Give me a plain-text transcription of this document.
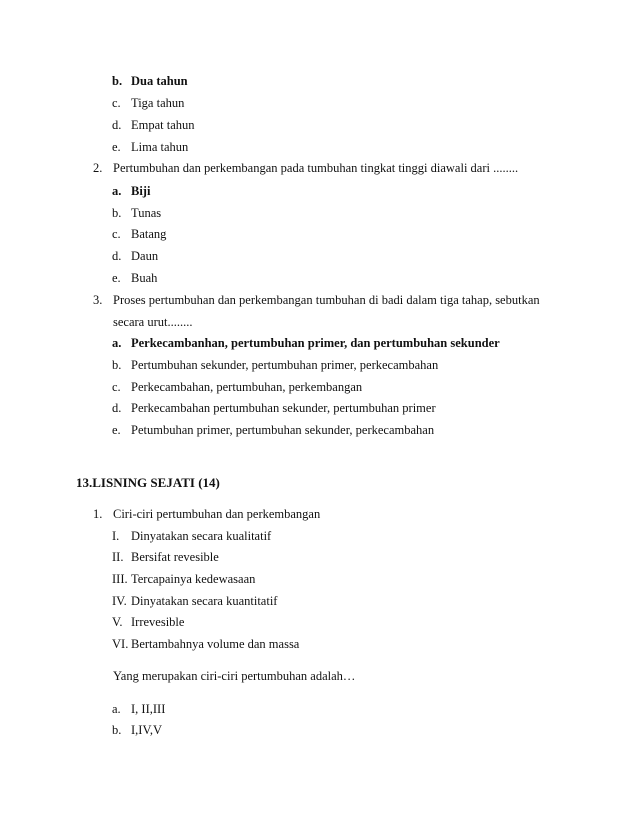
b. Dua tahun
c. Tiga tahun
d. Empat tahun
e. Lima tahun
2. Pertumbuhan dan perkembangan pada tumbuhan tingkat tinggi diawali dari ........
a. Biji
b. Tunas
c. Batang
d. Daun
e. Buah
3. Proses pertumbuhan dan perkembangan tumbuhan di badi dalam tiga tahap, sebutkan
secara urut........
a. Perkecambanhan, pertumbuhan primer, dan pertumbuhan sekunder
b. Pertumbuhan sekunder, pertumbuhan primer, perkecambahan
c. Perkecambahan, pertumbuhan, perkembangan
d. Perkecambahan pertumbuhan sekunder, pertumbuhan primer
e. Petumbuhan primer, pertumbuhan sekunder, perkecambahan
13.LISNING SEJATI (14)
1. Ciri-ciri pertumbuhan dan perkembangan
I. Dinyatakan secara kualitatif
II. Bersifat revesible
III. Tercapainya kedewasaan
IV. Dinyatakan secara kuantitatif
V. Irrevesible
VI. Bertambahnya volume dan massa
Yang merupakan ciri-ciri pertumbuhan adalah…
a. I, II,III
b. I,IV,V
